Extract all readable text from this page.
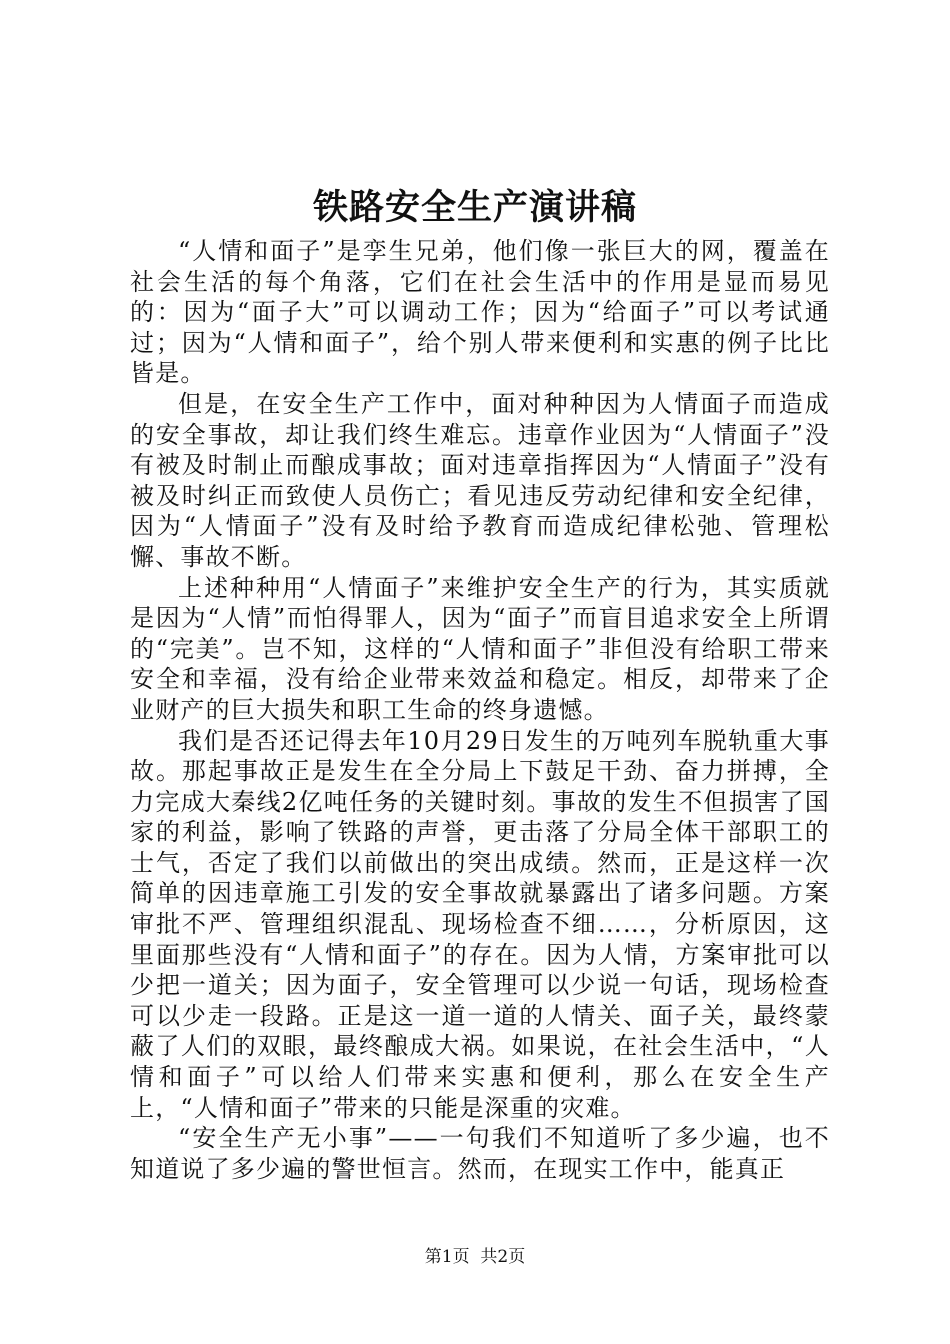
铁路安全生产演讲稿

“人情和面子”是孪生兄弟，他们像一张巨大的网，覆盖在社会生活的每个角落，它们在社会生活中的作用是显而易见的：因为“面子大”可以调动工作；因为“给面子”可以考试通过；因为“人情和面子”，给个别人带来便利和实惠的例子比比皆是。

但是，在安全生产工作中，面对种种因为人情面子而造成的安全事故，却让我们终生难忘。违章作业因为“人情面子”没有被及时制止而酿成事故；面对违章指挥因为“人情面子”没有被及时纠正而致使人员伤亡；看见违反劳动纪律和安全纪律，因为“人情面子”没有及时给予教育而造成纪律松弛、管理松懈、事故不断。

上述种种用“人情面子”来维护安全生产的行为，其实质就是因为“人情”而怕得罪人，因为“面子”而盲目追求安全上所谓的“完美”。岂不知，这样的“人情和面子”非但没有给职工带来安全和幸福，没有给企业带来效益和稳定。相反，却带来了企业财产的巨大损失和职工生命的终身遗憾。

我们是否还记得去年10月29日发生的万吨列车脱轨重大事故。那起事故正是发生在全分局上下鼓足干劲、奋力拼搏，全力完成大秦线2亿吨任务的关键时刻。事故的发生不但损害了国家的利益，影响了铁路的声誉，更击落了分局全体干部职工的士气，否定了我们以前做出的突出成绩。然而，正是这样一次简单的因违章施工引发的安全事故就暴露出了诸多问题。方案审批不严、管理组织混乱、现场检查不细……，分析原因，这里面那些没有“人情和面子”的存在。因为人情，方案审批可以少把一道关；因为面子，安全管理可以少说一句话，现场检查可以少走一段路。正是这一道一道的人情关、面子关，最终蒙蔽了人们的双眼，最终酿成大祸。如果说，在社会生活中，“人情和面子”可以给人们带来实惠和便利，那么在安全生产上，“人情和面子”带来的只能是深重的灾难。

“安全生产无小事”——一句我们不知道听了多少遍，也不知道说了多少遍的警世恒言。然而，在现实工作中，能真正

第1页 共2页
